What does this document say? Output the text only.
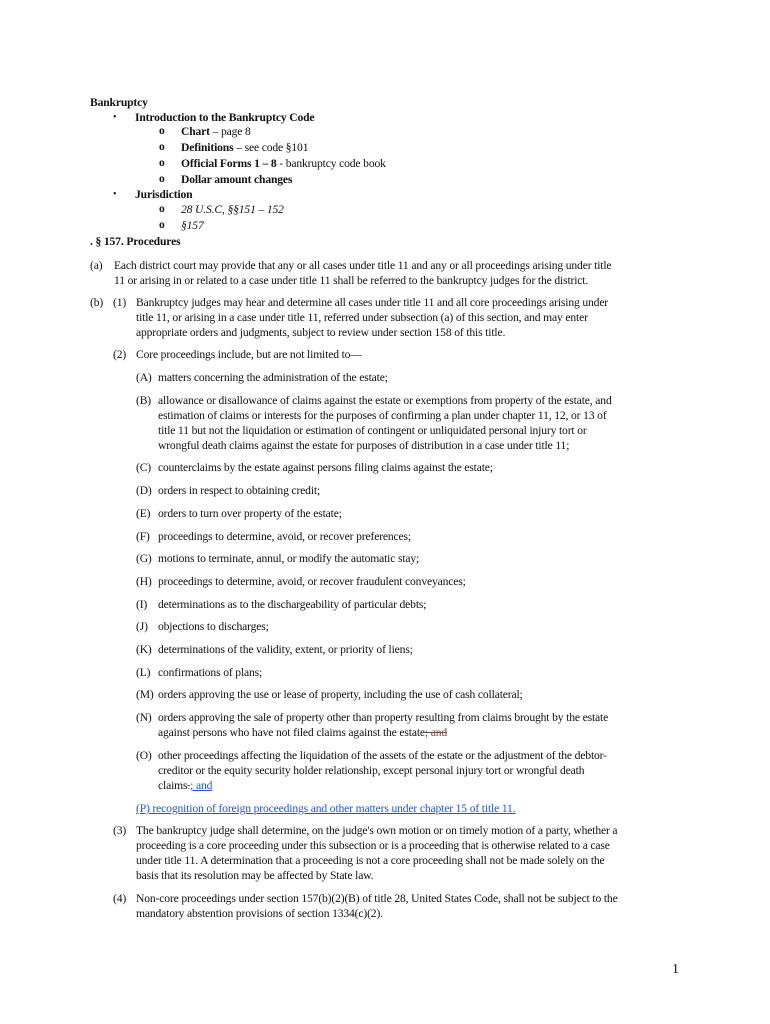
Bankruptcy
• Introduction to the Bankruptcy Code
o Chart – page 8
o Definitions – see code §101
o Official Forms 1 – 8 - bankruptcy code book
o Dollar amount changes
• Jurisdiction
o 28 U.S.C, §§151 – 152
o §157
. § 157. Procedures
(a) Each district court may provide that any or all cases under title 11 and any or all proceedings arising under title
11 or arising in or related to a case under title 11 shall be referred to the bankruptcy judges for the district.
(b) (1) Bankruptcy judges may hear and determine all cases under title 11 and all core proceedings arising under
title 11, or arising in a case under title 11, referred under subsection (a) of this section, and may enter
appropriate orders and judgments, subject to review under section 158 of this title.
(2) Core proceedings include, but are not limited to—
(A) matters concerning the administration of the estate;
(B) allowance or disallowance of claims against the estate or exemptions from property of the estate, and
estimation of claims or interests for the purposes of confirming a plan under chapter 11, 12, or 13 of
title 11 but not the liquidation or estimation of contingent or unliquidated personal injury tort or
wrongful death claims against the estate for purposes of distribution in a case under title 11;
(C) counterclaims by the estate against persons filing claims against the estate;
(D) orders in respect to obtaining credit;
(E) orders to turn over property of the estate;
(F) proceedings to determine, avoid, or recover preferences;
(G) motions to terminate, annul, or modify the automatic stay;
(H) proceedings to determine, avoid, or recover fraudulent conveyances;
(I) determinations as to the dischargeability of particular debts;
(J) objections to discharges;
(K) determinations of the validity, extent, or priority of liens;
(L) confirmations of plans;
(M) orders approving the use or lease of property, including the use of cash collateral;
(N) orders approving the sale of property other than property resulting from claims brought by the estate
against persons who have not filed claims against the estate; and
(O) other proceedings affecting the liquidation of the assets of the estate or the adjustment of the debtor-
creditor or the equity security holder relationship, except personal injury tort or wrongful death
claims.; and
(P) recognition of foreign proceedings and other matters under chapter 15 of title 11.
(3) The bankruptcy judge shall determine, on the judge's own motion or on timely motion of a party, whether a
proceeding is a core proceeding under this subsection or is a proceeding that is otherwise related to a case
under title 11. A determination that a proceeding is not a core proceeding shall not be made solely on the
basis that its resolution may be affected by State law.
(4) Non-core proceedings under section 157(b)(2)(B) of title 28, United States Code, shall not be subject to the
mandatory abstention provisions of section 1334(c)(2).
1
